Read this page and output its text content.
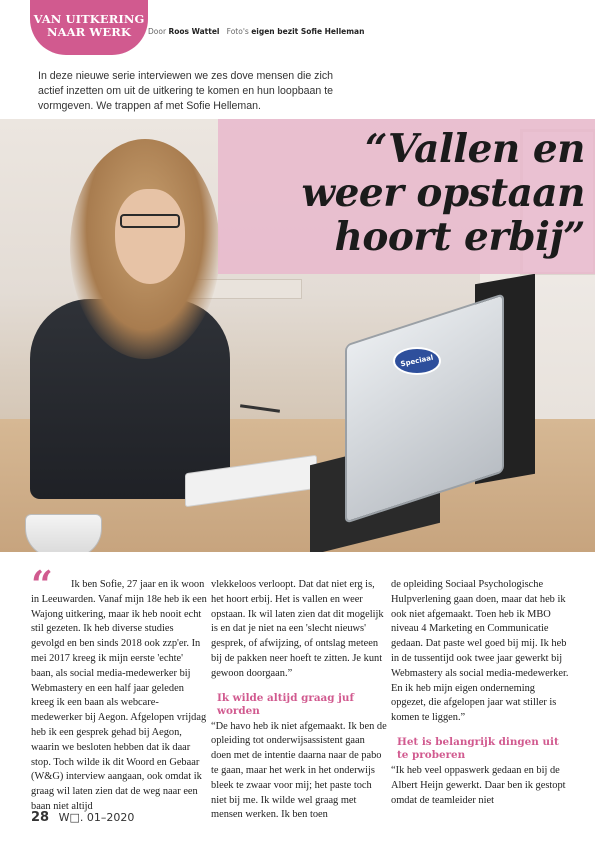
VAN UITKERING
NAAR WERK	Door Roos Wattel Foto's eigen bezit Sofie Helleman
In deze nieuwe serie interviewen we zes dove mensen die zich actief inzetten om uit de uitkering te komen en hun loopbaan te vormgeven. We trappen af met Sofie Helleman.
Speciaal
“Vallen en
weer opstaan
hoort erbij”
“	Ik ben Sofie, 27 jaar en ik woon in Leeuwarden. Vanaf mijn 18e heb ik een Wajong uitkering, maar ik heb nooit echt stil gezeten. Ik heb diverse studies gevolgd en ben sinds 2018 ook zzp'er. In mei 2017 kreeg ik mijn eerste 'echte' baan, als social media-medewerker bij Webmastery en een half jaar geleden kreeg ik een baan als webcare-medewerker bij Aegon. Afgelopen vrijdag heb ik een gesprek gehad bij Aegon, waarin we besloten hebben dat ik daar stop. Toch wilde ik dit Woord en Gebaar (W&G) interview aangaan, ook omdat ik graag wil laten zien dat de weg naar een baan niet altijd

vlekkeloos verloopt. Dat dat niet erg is, het hoort erbij. Het is vallen en weer opstaan. Ik wil laten zien dat dit mogelijk is en dat je niet na een 'slecht nieuws' gesprek, of afwijzing, of ontslag meteen bij de pakken neer hoeft te zitten. Je kunt gewoon doorgaan.”

Ik wilde altijd graag juf worden

“De havo heb ik niet afgemaakt. Ik ben de opleiding tot onderwijsassistent gaan doen met de intentie daarna naar de pabo te gaan, maar het werk in het onderwijs bleek te zwaar voor mij; het paste toch niet bij me. Ik wilde wel graag met mensen werken. Ik ben toen

de opleiding Sociaal Psychologische Hulpverlening gaan doen, maar dat heb ik ook niet afgemaakt. Toen heb ik MBO niveau 4 Marketing en Communicatie gedaan. Dat paste wel goed bij mij. Ik heb in de tussentijd ook twee jaar gewerkt bij Webmastery als social media-medewerker. En ik heb mijn eigen onderneming opgezet, die afgelopen jaar wat stiller is komen te liggen.”

Het is belangrijk dingen uit te proberen

“Ik heb veel oppaswerk gedaan en bij de Albert Heijn gewerkt. Daar ben ik gestopt omdat de teamleider niet

28 W□. 01–2020
